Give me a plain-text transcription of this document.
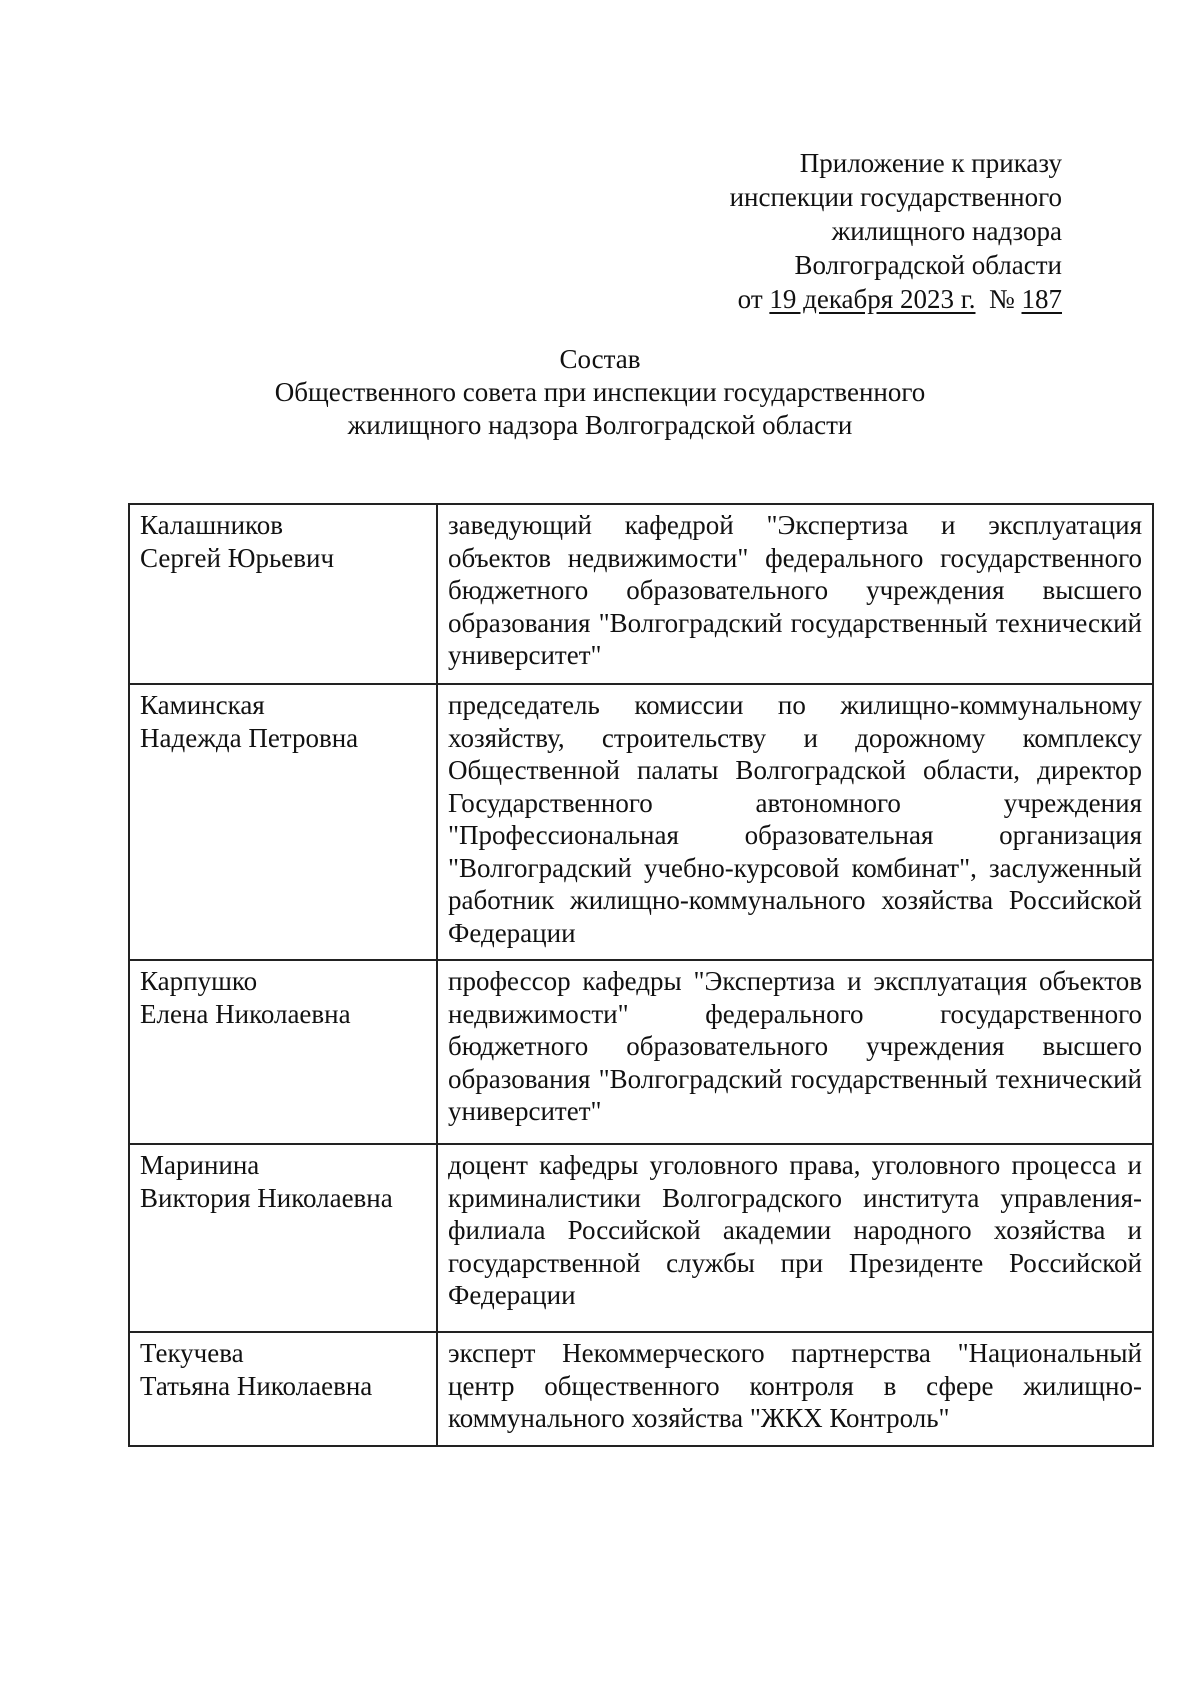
Приложение к приказу
инспекции государственного
жилищного надзора
Волгоградской области
от 19 декабря 2023 г. № 187
Состав
Общественного совета при инспекции государственного
жилищного надзора Волгоградской области
Калашников
Сергей Юрьевич	заведующий кафедрой "Экспертиза и эксплуатация объектов недвижимости" федерального государственного бюджетного образовательного учреждения высшего образования "Волгоградский государственный технический университет"

Каминская
Надежда Петровна	председатель комиссии по жилищно-коммунальному хозяйству, строительству и дорожному комплексу Общественной палаты Волгоградской области, директор Государственного автономного учреждения "Профессиональная образовательная организация "Волгоградский учебно-курсовой комбинат", заслуженный работник жилищно-коммунального хозяйства Российской Федерации

Карпушко
Елена Николаевна	профессор кафедры "Экспертиза и эксплуатация объектов недвижимости" федерального государственного бюджетного образовательного учреждения высшего образования "Волгоградский государственный технический университет"

Маринина
Виктория Николаевна	доцент кафедры уголовного права, уголовного процесса и криминалистики Волгоградского института управления-филиала Российской академии народного хозяйства и государственной службы при Президенте Российской Федерации

Текучева
Татьяна Николаевна	эксперт Некоммерческого партнерства "Национальный центр общественного контроля в сфере жилищно-коммунального хозяйства "ЖКХ Контроль"
